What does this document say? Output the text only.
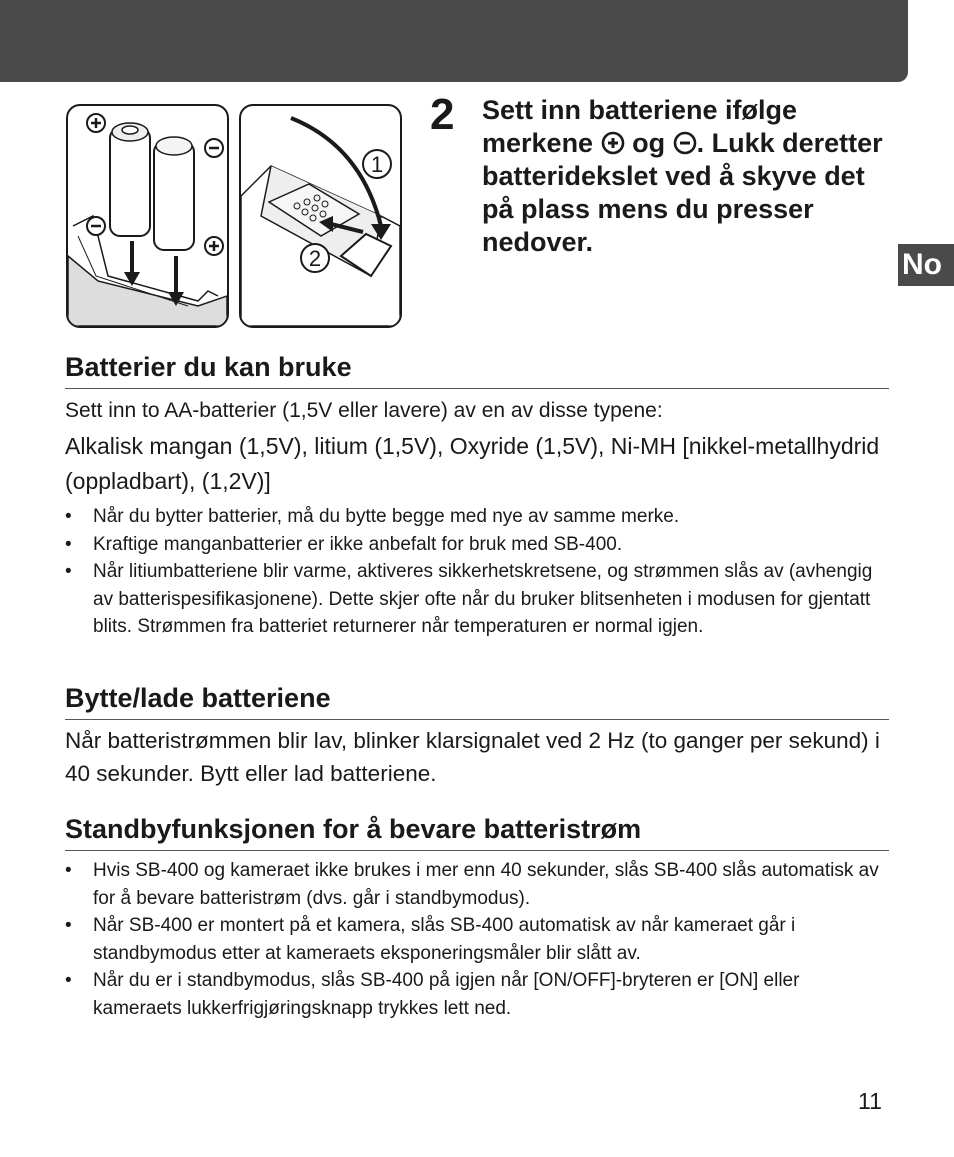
No
1
2
2 Sett inn batteriene ifølge merkene og . Lukk deretter batteridekslet ved å skyve det på plass mens du presser nedover.
Batterier du kan bruke

Sett inn to AA-batterier (1,5V eller lavere) av en av disse typene:

Alkalisk mangan (1,5V), litium (1,5V), Oxyride (1,5V), Ni-MH [nikkel-metallhydrid (oppladbart), (1,2V)]

• Når du bytter batterier, må du bytte begge med nye av samme merke.
• Kraftige manganbatterier er ikke anbefalt for bruk med SB-400.
• Når litiumbatteriene blir varme, aktiveres sikkerhetskretsene, og strømmen slås av (avhengig av batterispesifikasjonene). Dette skjer ofte når du bruker blitsenheten i modusen for gjentatt blits. Strømmen fra batteriet returnerer når temperaturen er normal igjen.
Bytte/lade batteriene

Når batteristrømmen blir lav, blinker klarsignalet ved 2 Hz (to ganger per sekund) i 40 sekunder. Bytt eller lad batteriene.

Standbyfunksjonen for å bevare batteristrøm
• Hvis SB-400 og kameraet ikke brukes i mer enn 40 sekunder, slås SB-400 slås automatisk av for å bevare batteristrøm (dvs. går i standbymodus).
• Når SB-400 er montert på et kamera, slås SB-400 automatisk av når kameraet går i standbymodus etter at kameraets eksponeringsmåler blir slått av.
• Når du er i standbymodus, slås SB-400 på igjen når [ON/OFF]-bryteren er [ON] eller kameraets lukkerfrigjøringsknapp trykkes lett ned.
11
